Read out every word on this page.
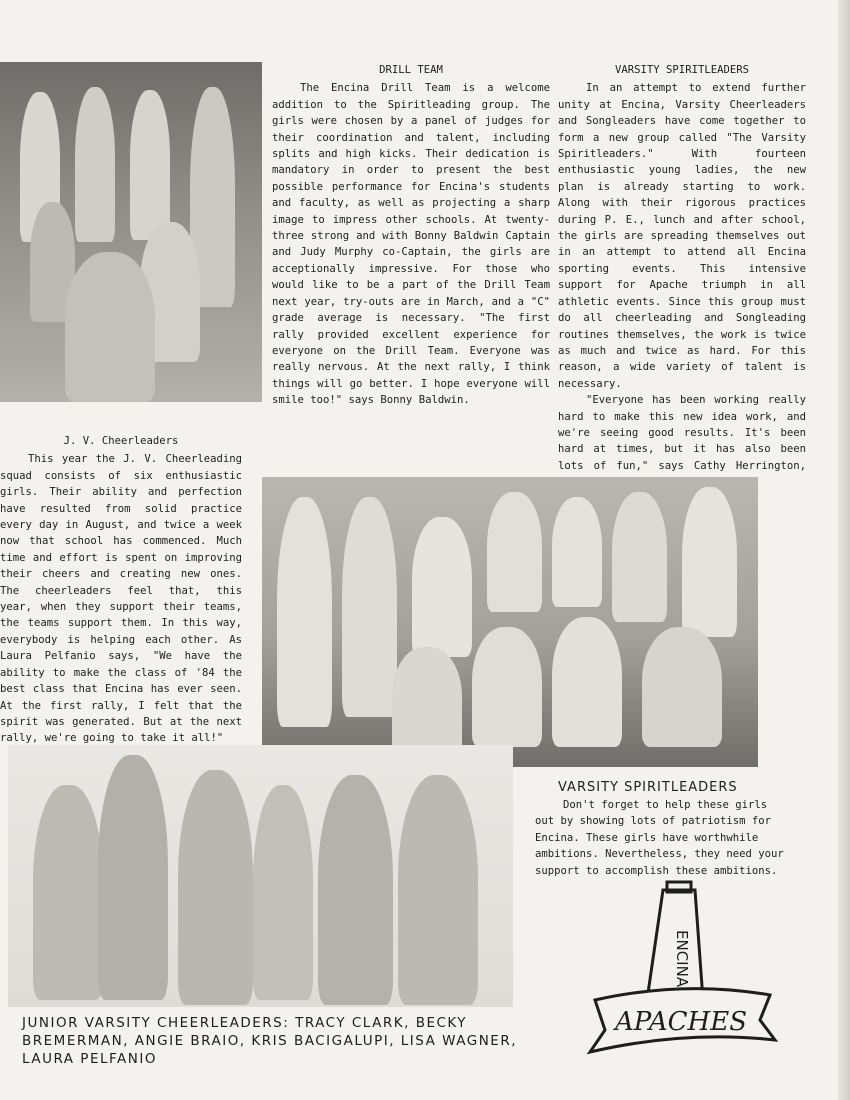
DRILL TEAM

The Encina Drill Team is a welcome addition to the Spiritleading group. The girls were chosen by a panel of judges for their coordination and talent, including splits and high kicks. Their dedication is mandatory in order to present the best possible performance for Encina's students and faculty, as well as projecting a sharp image to impress other schools. At twenty-three strong and with Bonny Baldwin Captain and Judy Murphy co-Captain, the girls are acceptionally impressive. For those who would like to be a part of the Drill Team next year, try-outs are in March, and a "C" grade average is necessary. "The first rally provided excellent experience for everyone on the Drill Team. Everyone was really nervous. At the next rally, I think things will go better. I hope everyone will smile too!" says Bonny Baldwin.

VARSITY SPIRITLEADERS

In an attempt to extend further unity at Encina, Varsity Cheerleaders and Songleaders have come together to form a new group called "The Varsity Spiritleaders." With fourteen enthusiastic young ladies, the new plan is already starting to work. Along with their rigorous practices during P. E., lunch and after school, the girls are spreading themselves out in an attempt to attend all Encina sporting events. This intensive support for Apache triumph in all athletic events. Since this group must do all cheerleading and Songleading routines themselves, the work is twice as much and twice as hard. For this reason, a wide variety of talent is necessary.

"Everyone has been working really hard to make this new idea work, and we're seeing good results. It's been hard at times, but it has also been lots of fun," says Cathy Herrington,

J. V. Cheerleaders

This year the J. V. Cheerleading squad consists of six enthusiastic girls. Their ability and perfection have resulted from solid practice every day in August, and twice a week now that school has commenced. Much time and effort is spent on improving their cheers and creating new ones. The cheerleaders feel that, this year, when they support their teams, the teams support them. In this way, everybody is helping each other. As Laura Pelfanio says, "We have the ability to make the class of '84 the best class that Encina has ever seen. At the first rally, I felt that the spirit was generated. But at the next rally, we're going to take it all!"

VARSITY SPIRITLEADERS

Don't forget to help these girls out by showing lots of patriotism for Encina. These girls have worthwhile ambitions. Nevertheless, they need your support to accomplish these ambitions.

JUNIOR VARSITY CHEERLEADERS: TRACY CLARK, BECKY BREMERMAN, ANGIE BRAIO, KRIS BACIGALUPI, LISA WAGNER, LAURA PELFANIO
ENCINA
APACHES
